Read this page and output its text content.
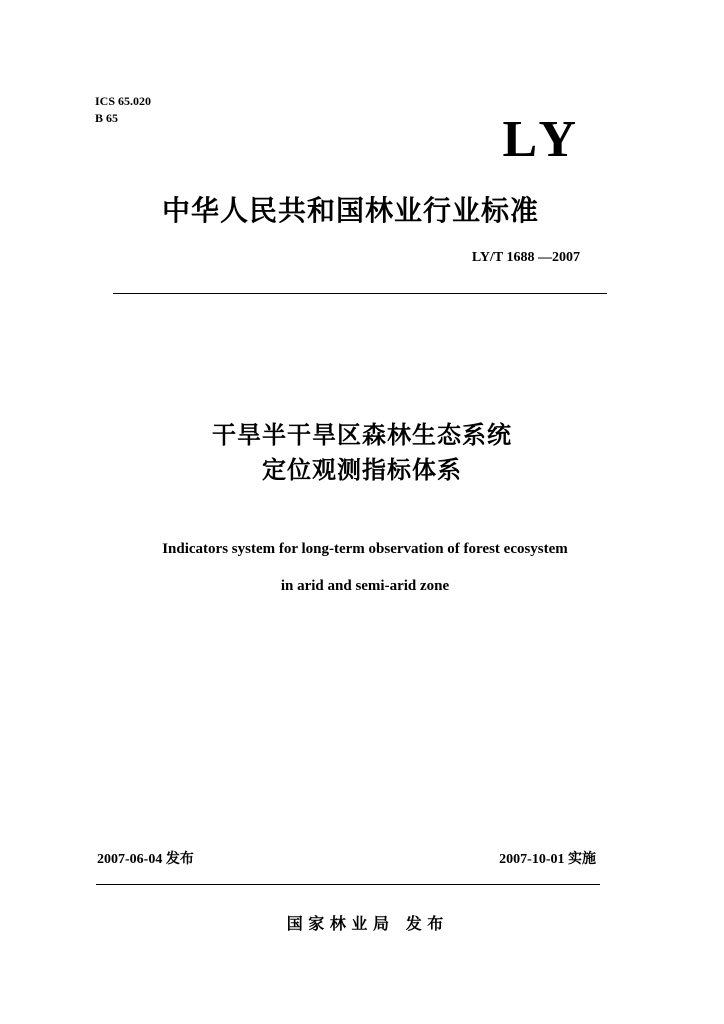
ICS 65.020
B 65	LY
中华人民共和国林业行业标准
LY/T 1688 —2007
干旱半干旱区森林生态系统
定位观测指标体系
Indicators system for long-term observation of forest ecosystem
in arid and semi-arid zone
2007-06-04 发布	2007-10-01 实施
国 家 林 业 局   发 布
